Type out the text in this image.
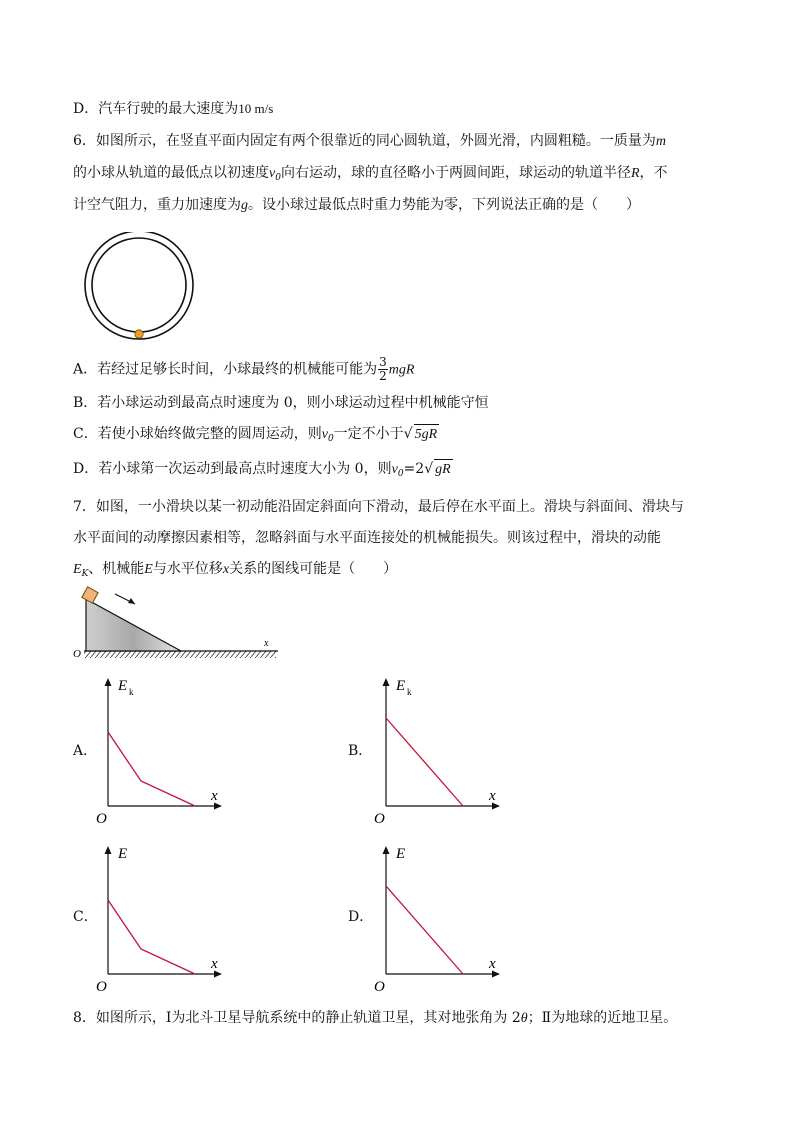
D．汽车行驶的最大速度为10 m/s
6．如图所示，在竖直平面内固定有两个很靠近的同心圆轨道，外圆光滑，内圆粗糙。一质量为m
的小球从轨道的最低点以初速度$v_0$向右运动，球的直径略小于两圆间距，球运动的轨道半径R，不
计空气阻力，重力加速度为g。设小球过最低点时重力势能为零，下列说法正确的是（　　）
A．若经过足够长时间，小球最终的机械能可能为 $\frac{3}{2}$ mgR
B．若小球运动到最高点时速度为 0，则小球运动过程中机械能守恒
C．若使小球始终做完整的圆周运动，则$v_0$一定不小于√ 5gR
D．若小球第一次运动到最高点时速度大小为 0，则$v_0=2√$ gR
7．如图，一小滑块以某一初动能沿固定斜面向下滑动，最后停在水平面上。滑块与斜面间、滑块与
水平面间的动摩擦因素相等，忽略斜面与水平面连接处的机械能损失。则该过程中，滑块的动能
$E_K$、机械能E与水平位移x关系的图线可能是（　　）
O
x
A．	B．
C．	D．
E k
x
O
E k
x
O
E
x
O
E
x
O
8．如图所示，Ⅰ为北斗卫星导航系统中的静止轨道卫星，其对地张角为 2θ；Ⅱ为地球的近地卫星。
